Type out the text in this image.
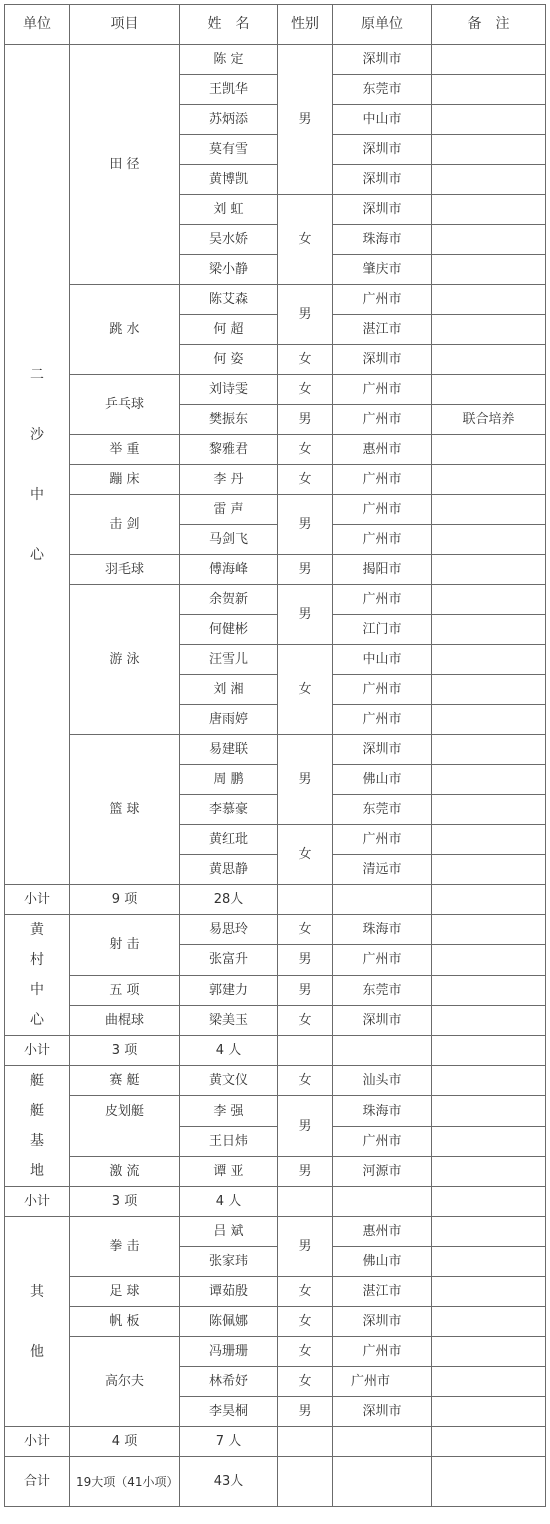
单位	项目	姓　名	性别	原单位	备　注

二
沙
中
心	田 径	陈 定	男	深圳市	
		王凯华		东莞市	
		苏炳添		中山市	
		莫有雪		深圳市	
		黄博凯		深圳市	
		刘 虹	女	深圳市	
		吴水娇		珠海市	
		梁小静		肇庆市	
	跳 水	陈艾森	男	广州市	
		何 超		湛江市	
		何 姿	女	深圳市	
	乒乓球	刘诗雯	女	广州市	
		樊振东	男	广州市	联合培养
	举 重	黎雅君	女	惠州市	
	蹦 床	李 丹	女	广州市	
	击 剑	雷 声	男	广州市	
		马剑飞		广州市	
	羽毛球	傅海峰	男	揭阳市	
	游 泳	余贺新	男	广州市	
		何健彬		江门市	
		汪雪儿	女	中山市	
		刘 湘		广州市	
		唐雨婷		广州市	
	篮 球	易建联	男	深圳市	
		周 鹏		佛山市	
		李慕豪		东莞市	
		黄红玭	女	广州市	
		黄思静		清远市	
小计	9 项	28人			

黄
村
中
心	射 击	易思玲	女	珠海市	
		张富升	男	广州市	
	五 项	郭建力	男	东莞市	
	曲棍球	梁美玉	女	深圳市	
小计	3 项	4 人			

艇
艇
基
地	赛 艇	黄文仪	女	汕头市	
	皮划艇	李 强	男	珠海市	
		王日炜		广州市	
	激 流	谭 亚	男	河源市	
小计	3 项	4 人			

其
他	拳 击	吕 斌	男	惠州市	
		张家玮		佛山市	
	足 球	谭茹殷	女	湛江市	
	帆 板	陈佩娜	女	深圳市	
	高尔夫	冯珊珊	女	广州市	
		林希妤	女	广州市	
		李昊桐	男	深圳市	
小计	4 项	7 人			
合计	19大项（41小项）	43人			
